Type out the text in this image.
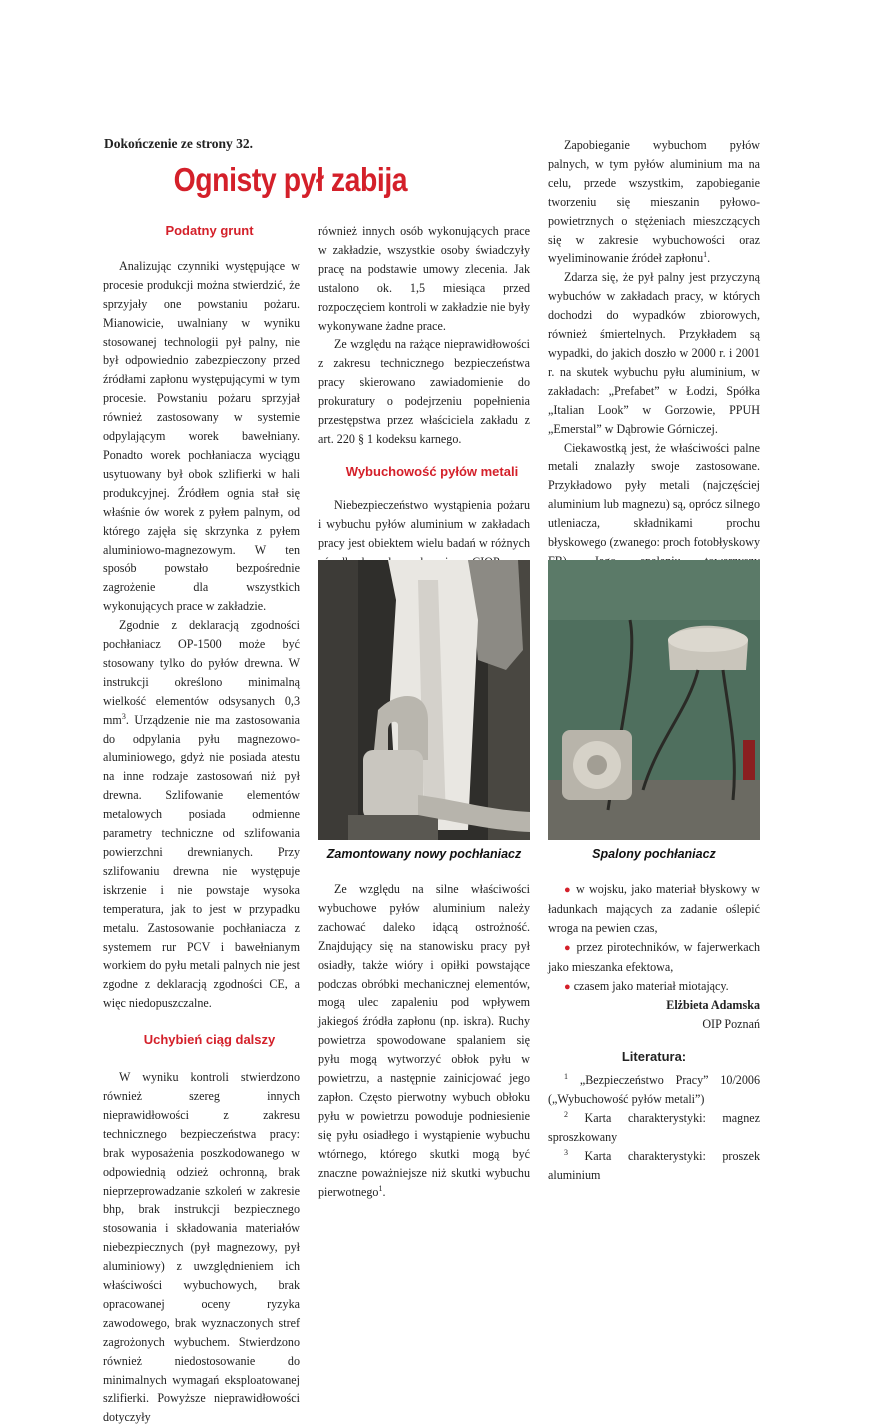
Dokończenie ze strony 32.
Ognisty pył zabija

Podatny grunt

Analizując czynniki występujące w procesie produkcji można stwierdzić, że sprzyjały one powstaniu pożaru. Mianowicie, uwalniany w wyniku stosowanej technologii pył palny, nie był odpowiednio zabezpieczony przed źródłami zapłonu występującymi w tym procesie. Powstaniu pożaru sprzyjał również zastosowany w systemie odpylającym worek bawełniany. Ponadto worek pochłaniacza wyciągu usytuowany był obok szlifierki w hali produkcyjnej. Źródłem ognia stał się właśnie ów worek z pyłem palnym, od którego zajęła się skrzynka z pyłem aluminiowo-magnezowym. W ten sposób powstało bezpośrednie zagrożenie dla wszystkich wykonujących prace w zakładzie.

Zgodnie z deklaracją zgodności pochłaniacz OP-1500 może być stosowany tylko do pyłów drewna. W instrukcji określono minimalną wielkość elementów odsysanych 0,3 $mm^3$. Urządzenie nie ma zastosowania do odpylania pyłu magnezowo-aluminiowego, gdyż nie posiada atestu na inne rodzaje zastosowań niż pył drewna. Szlifowanie elementów metalowych posiada odmienne parametry techniczne od szlifowania powierzchni drewnianych. Przy szlifowaniu drewna nie występuje iskrzenie i nie powstaje wysoka temperatura, jak to jest w przypadku metalu. Zastosowanie pochłaniacza z systemem rur PCV i bawełnianym workiem do pyłu metali palnych nie jest zgodne z deklaracją zgodności CE, a więc niedopuszczalne.

Uchybień ciąg dalszy

W wyniku kontroli stwierdzono również szereg innych nieprawidłowości z zakresu technicznego bezpieczeństwa pracy: brak wyposażenia poszkodowanego w odpowiednią odzież ochronną, brak nieprzeprowadzanie szkoleń w zakresie bhp, brak instrukcji bezpiecznego stosowania i składowania materiałów niebezpiecznych (pył magnezowy, pył aluminiowy) z uwzględnieniem ich właściwości wybuchowych, brak opracowanej oceny ryzyka zawodowego, brak wyznaczonych stref zagrożonych wybuchem. Stwierdzono również niedostosowanie do minimalnych wymagań eksploatowanej szlifierki. Powyższe nieprawidłowości dotyczyły

również innych osób wykonujących prace w zakładzie, wszystkie osoby świadczyły pracę na podstawie umowy zlecenia. Jak ustalono ok. 1,5 miesiąca przed rozpoczęciem kontroli w zakładzie nie były wykonywane żadne prace.

Ze względu na rażące nieprawidłowości z zakresu technicznego bezpieczeństwa pracy skierowano zawiadomienie do prokuratury o podejrzeniu popełnienia przestępstwa przez właściciela zakładu z art. 220 § 1 kodeksu karnego.

Wybuchowość pyłów metali

Niebezpieczeństwo wystąpienia pożaru i wybuchu pyłów aluminium w zakładach pracy jest obiektem wielu badań w różnych

Zapobieganie wybuchom pyłów palnych, w tym pyłów aluminium ma na celu, przede wszystkim, zapobieganie tworzeniu się mieszanin pyłowo-powietrznych o stężeniach mieszczących się w zakresie wybuchowości oraz wyeliminowanie źródeł zapłonu$^1$.

Zdarza się, że pył palny jest przyczyną wybuchów w zakładach pracy, w których dochodzi do wypadków zbiorowych, również śmiertelnych. Przykładem są wypadki, do jakich doszło w 2000 r. i 2001 r. na skutek wybuchu pyłu aluminium, w zakładach: „Prefabet” w Łodzi, Spółka „Italian Look” w Gorzowie, PPUH „Emerstal” w Dąbrowie Górniczej.

Ciekawostką jest, że właściwości palne metali znalazły swoje zastosowane. Przykładowo pyły metali (najczęściej aluminium lub magnezu) są, oprócz silnego utleniacza, składnikami prochu błyskowego (zwanego: proch fotobłyskowy

Zamontowany nowy pochłaniacz	Spalony pochłaniacz

Ze względu na silne właściwości wybuchowe pyłów aluminium należy zachować daleko idącą ostrożność. Znajdujący się na stanowisku pracy pył osiadły, także wióry i opiłki powstające podczas obróbki mechanicznej elementów, mogą ulec zapaleniu pod wpływem jakiegoś źródła zapłonu (np. iskra). Ruchy powietrza spowodowane spalaniem się pyłu mogą wytworzyć obłok pyłu w powietrzu, a następnie zainicjować jego zapłon. Często pierwotny wybuch obłoku pyłu w powietrzu powoduje podniesienie się pyłu osiadłego i wystąpienie wybuchu wtórnego, którego skutki mogą być znaczne poważniejsze niż skutki wybuchu pierwotnego$^1$.

● w wojsku, jako materiał błyskowy w ładunkach mających za zadanie oślepić wroga na pewien czas,

● przez pirotechników, w fajerwerkach jako mieszanka efektowa,

● czasem jako materiał miotający.

Elżbieta Adamska

OIP Poznań

Literatura:

$^1$ „Bezpieczeństwo Pracy” 10/2006 („Wybuchowość pyłów metali”)

$^2$ Karta charakterystyki: magnez sproszkowany

$^3$ Karta charakterystyki: proszek aluminium
